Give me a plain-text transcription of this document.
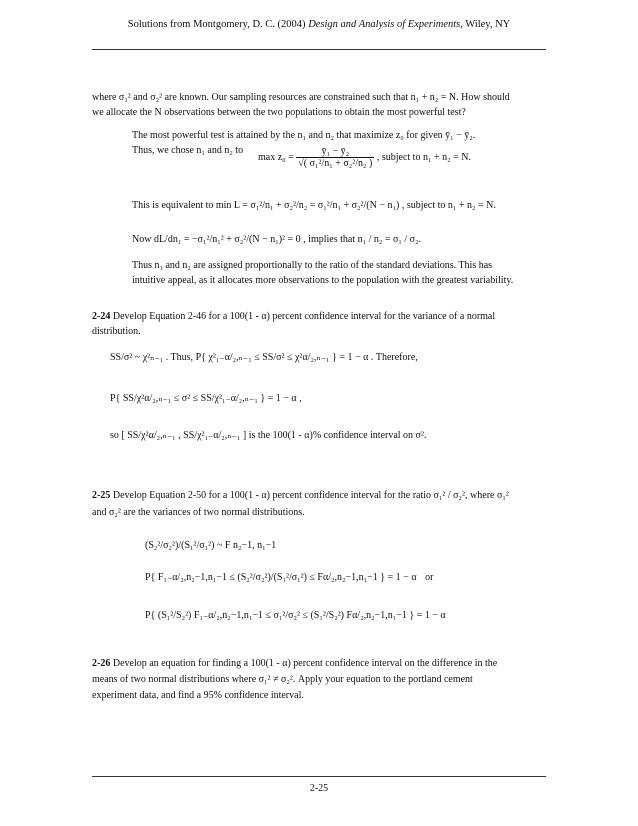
Solutions from Montgomery, D. C. (2004) Design and Analysis of Experiments, Wiley, NY
where σ₁² and σ₂² are known. Our sampling resources are constrained such that n₁ + n₂ = N. How should
we allocate the N observations between the two populations to obtain the most powerful test?
The most powerful test is attained by the n₁ and n₂ that maximize z₀ for given ȳ₁ − ȳ₂.
Thus, we chose n₁ and n₂ to
$\max z_0 = \frac{\text{ȳ₁ − ȳ₂}}{\text{√( σ₁²/n₁ + σ₂²/n₂ )}}$ , subject to n₁ + n₂ = N.
This is equivalent to min L = σ₁²/n₁ + σ₂²/n₂ = σ₁²/n₁ + σ₂²/(N − n₁) , subject to n₁ + n₂ = N.
Now dL/dn₁ = −σ₁²/n₁² + σ₂²/(N − n₁)² = 0 , implies that n₁ / n₂ = σ₁ / σ₂.
Thus n₁ and n₂ are assigned proportionally to the ratio of the standard deviations. This has
intuitive appeal, as it allocates more observations to the population with the greatest variability.
2-24 Develop Equation 2-46 for a 100(1 - α) percent confidence interval for the variance of a normal
distribution.
SS/σ² ~ χ²ₙ₋₁ . Thus, P{ χ²₁₋α/₂,ₙ₋₁ ≤ SS/σ² ≤ χ²α/₂,ₙ₋₁ } = 1 − α . Therefore,
P{ SS/χ²α/₂,ₙ₋₁ ≤ σ² ≤ SS/χ²₁₋α/₂,ₙ₋₁ } = 1 − α ,
so [ SS/χ²α/₂,ₙ₋₁ , SS/χ²₁₋α/₂,ₙ₋₁ ] is the 100(1 - α)% confidence interval on σ².
2-25 Develop Equation 2-50 for a 100(1 - α) percent confidence interval for the ratio σ₁² / σ₂², where σ₁²
and σ₂² are the variances of two normal distributions.
(S₂²/σ₂²)/(S₁²/σ₁²) ~ F n₂−1, n₁−1
P{ F₁₋α/₂,n₂−1,n₁−1 ≤ (S₂²/σ₂²)/(S₁²/σ₁²) ≤ Fα/₂,n₂−1,n₁−1 } = 1 − α or
P{ (S₁²/S₂²) F₁₋α/₂,n₂−1,n₁−1 ≤ σ₁²/σ₂² ≤ (S₁²/S₂²) Fα/₂,n₂−1,n₁−1 } = 1 − α
2-26 Develop an equation for finding a 100(1 - α) percent confidence interval on the difference in the
means of two normal distributions where σ₁² ≠ σ₂². Apply your equation to the portland cement
experiment data, and find a 95% confidence interval.
2-25
